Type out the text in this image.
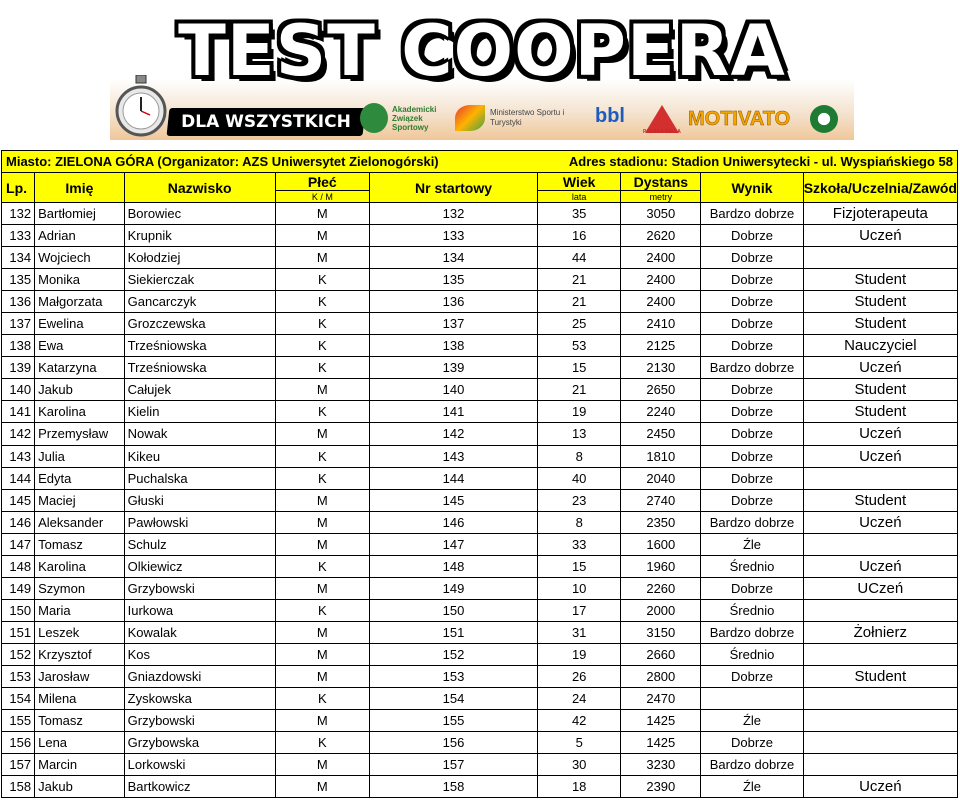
TEST COOPERA
DLA WSZYSTKICH
Akademicki Związek Sportowy
Ministerstwo Sportu i Turystyki	bbl
POLSKA BIEGA
MOTIVATO
Miasto: ZIELONA GÓRA (Organizator: AZS Uniwersytet Zielonogórski)					Adres stadionu: Stadion Uniwersytecki - ul. Wyspiańskiego 58			
Lp.	Imię	Nazwisko	Płeć	Nr startowy	Wiek	Dystans	Wynik	Szkoła/Uczelnia/Zawód
			K / M		lata	metry		
132	Bartłomiej	Borowiec	M	132	35	3050	Bardzo dobrze	Fizjoterapeuta
133	Adrian	Krupnik	M	133	16	2620	Dobrze	Uczeń
134	Wojciech	Kołodziej	M	134	44	2400	Dobrze	
135	Monika	Siekierczak	K	135	21	2400	Dobrze	Student
136	Małgorzata	Gancarczyk	K	136	21	2400	Dobrze	Student
137	Ewelina	Grozczewska	K	137	25	2410	Dobrze	Student
138	Ewa	Trześniowska	K	138	53	2125	Dobrze	Nauczyciel
139	Katarzyna	Trześniowska	K	139	15	2130	Bardzo dobrze	Uczeń
140	Jakub	Całujek	M	140	21	2650	Dobrze	Student
141	Karolina	Kielin	K	141	19	2240	Dobrze	Student
142	Przemysław	Nowak	M	142	13	2450	Dobrze	Uczeń
143	Julia	Kikeu	K	143	8	1810	Dobrze	Uczeń
144	Edyta	Puchalska	K	144	40	2040	Dobrze	
145	Maciej	Głuski	M	145	23	2740	Dobrze	Student
146	Aleksander	Pawłowski	M	146	8	2350	Bardzo dobrze	Uczeń
147	Tomasz	Schulz	M	147	33	1600	Źle	
148	Karolina	Olkiewicz	K	148	15	1960	Średnio	Uczeń
149	Szymon	Grzybowski	M	149	10	2260	Dobrze	UCzeń
150	Maria	Iurkowa	K	150	17	2000	Średnio	
151	Leszek	Kowalak	M	151	31	3150	Bardzo dobrze	Żołnierz
152	Krzysztof	Kos	M	152	19	2660	Średnio	
153	Jarosław	Gniazdowski	M	153	26	2800	Dobrze	Student
154	Milena	Zyskowska	K	154	24	2470		
155	Tomasz	Grzybowski	M	155	42	1425	Źle	
156	Lena	Grzybowska	K	156	5	1425	Dobrze	
157	Marcin	Lorkowski	M	157	30	3230	Bardzo dobrze	
158	Jakub	Bartkowicz	M	158	18	2390	Źle	Uczeń
